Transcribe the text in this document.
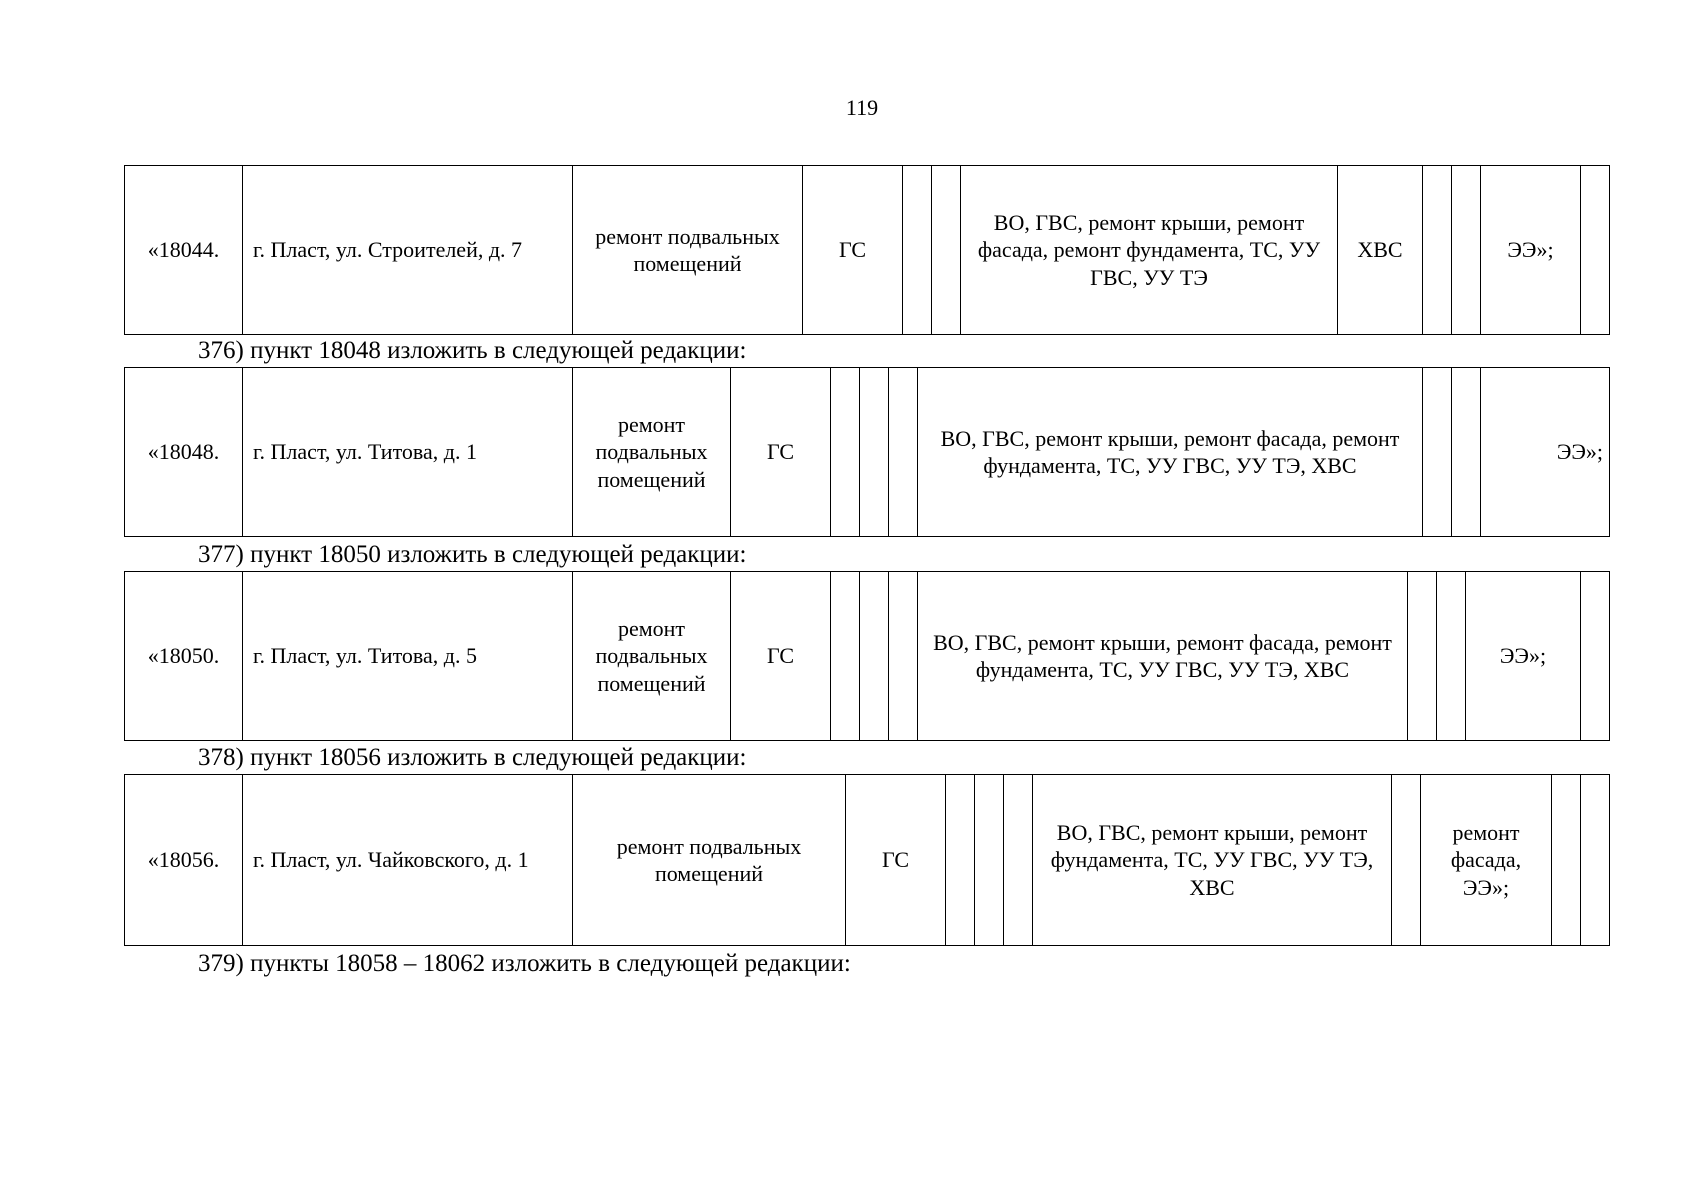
119
«18044.	г. Пласт, ул. Строителей, д. 7	ремонт подвальных помещений	ГС			ВО, ГВС, ремонт крыши, ремонт фасада, ремонт фундамента, ТС, УУ ГВС, УУ ТЭ	ХВС			ЭЭ»;	
376) пункт 18048 изложить в следующей редакции:
«18048.	г. Пласт, ул. Титова, д. 1	ремонт подвальных помещений	ГС				ВО, ГВС, ремонт крыши, ремонт фасада, ремонт фундамента, ТС, УУ ГВС, УУ ТЭ, ХВС			ЭЭ»;
377) пункт 18050 изложить в следующей редакции:
«18050.	г. Пласт, ул. Титова, д. 5	ремонт подвальных помещений	ГС				ВО, ГВС, ремонт крыши, ремонт фасада, ремонт фундамента, ТС, УУ ГВС, УУ ТЭ, ХВС			ЭЭ»;	
378) пункт 18056 изложить в следующей редакции:
«18056.	г. Пласт, ул. Чайковского, д. 1	ремонт подвальных помещений	ГС				ВО, ГВС, ремонт крыши, ремонт фундамента, ТС, УУ ГВС, УУ ТЭ, ХВС		ремонт фасада, ЭЭ»;		
379) пункты 18058 – 18062 изложить в следующей редакции:
